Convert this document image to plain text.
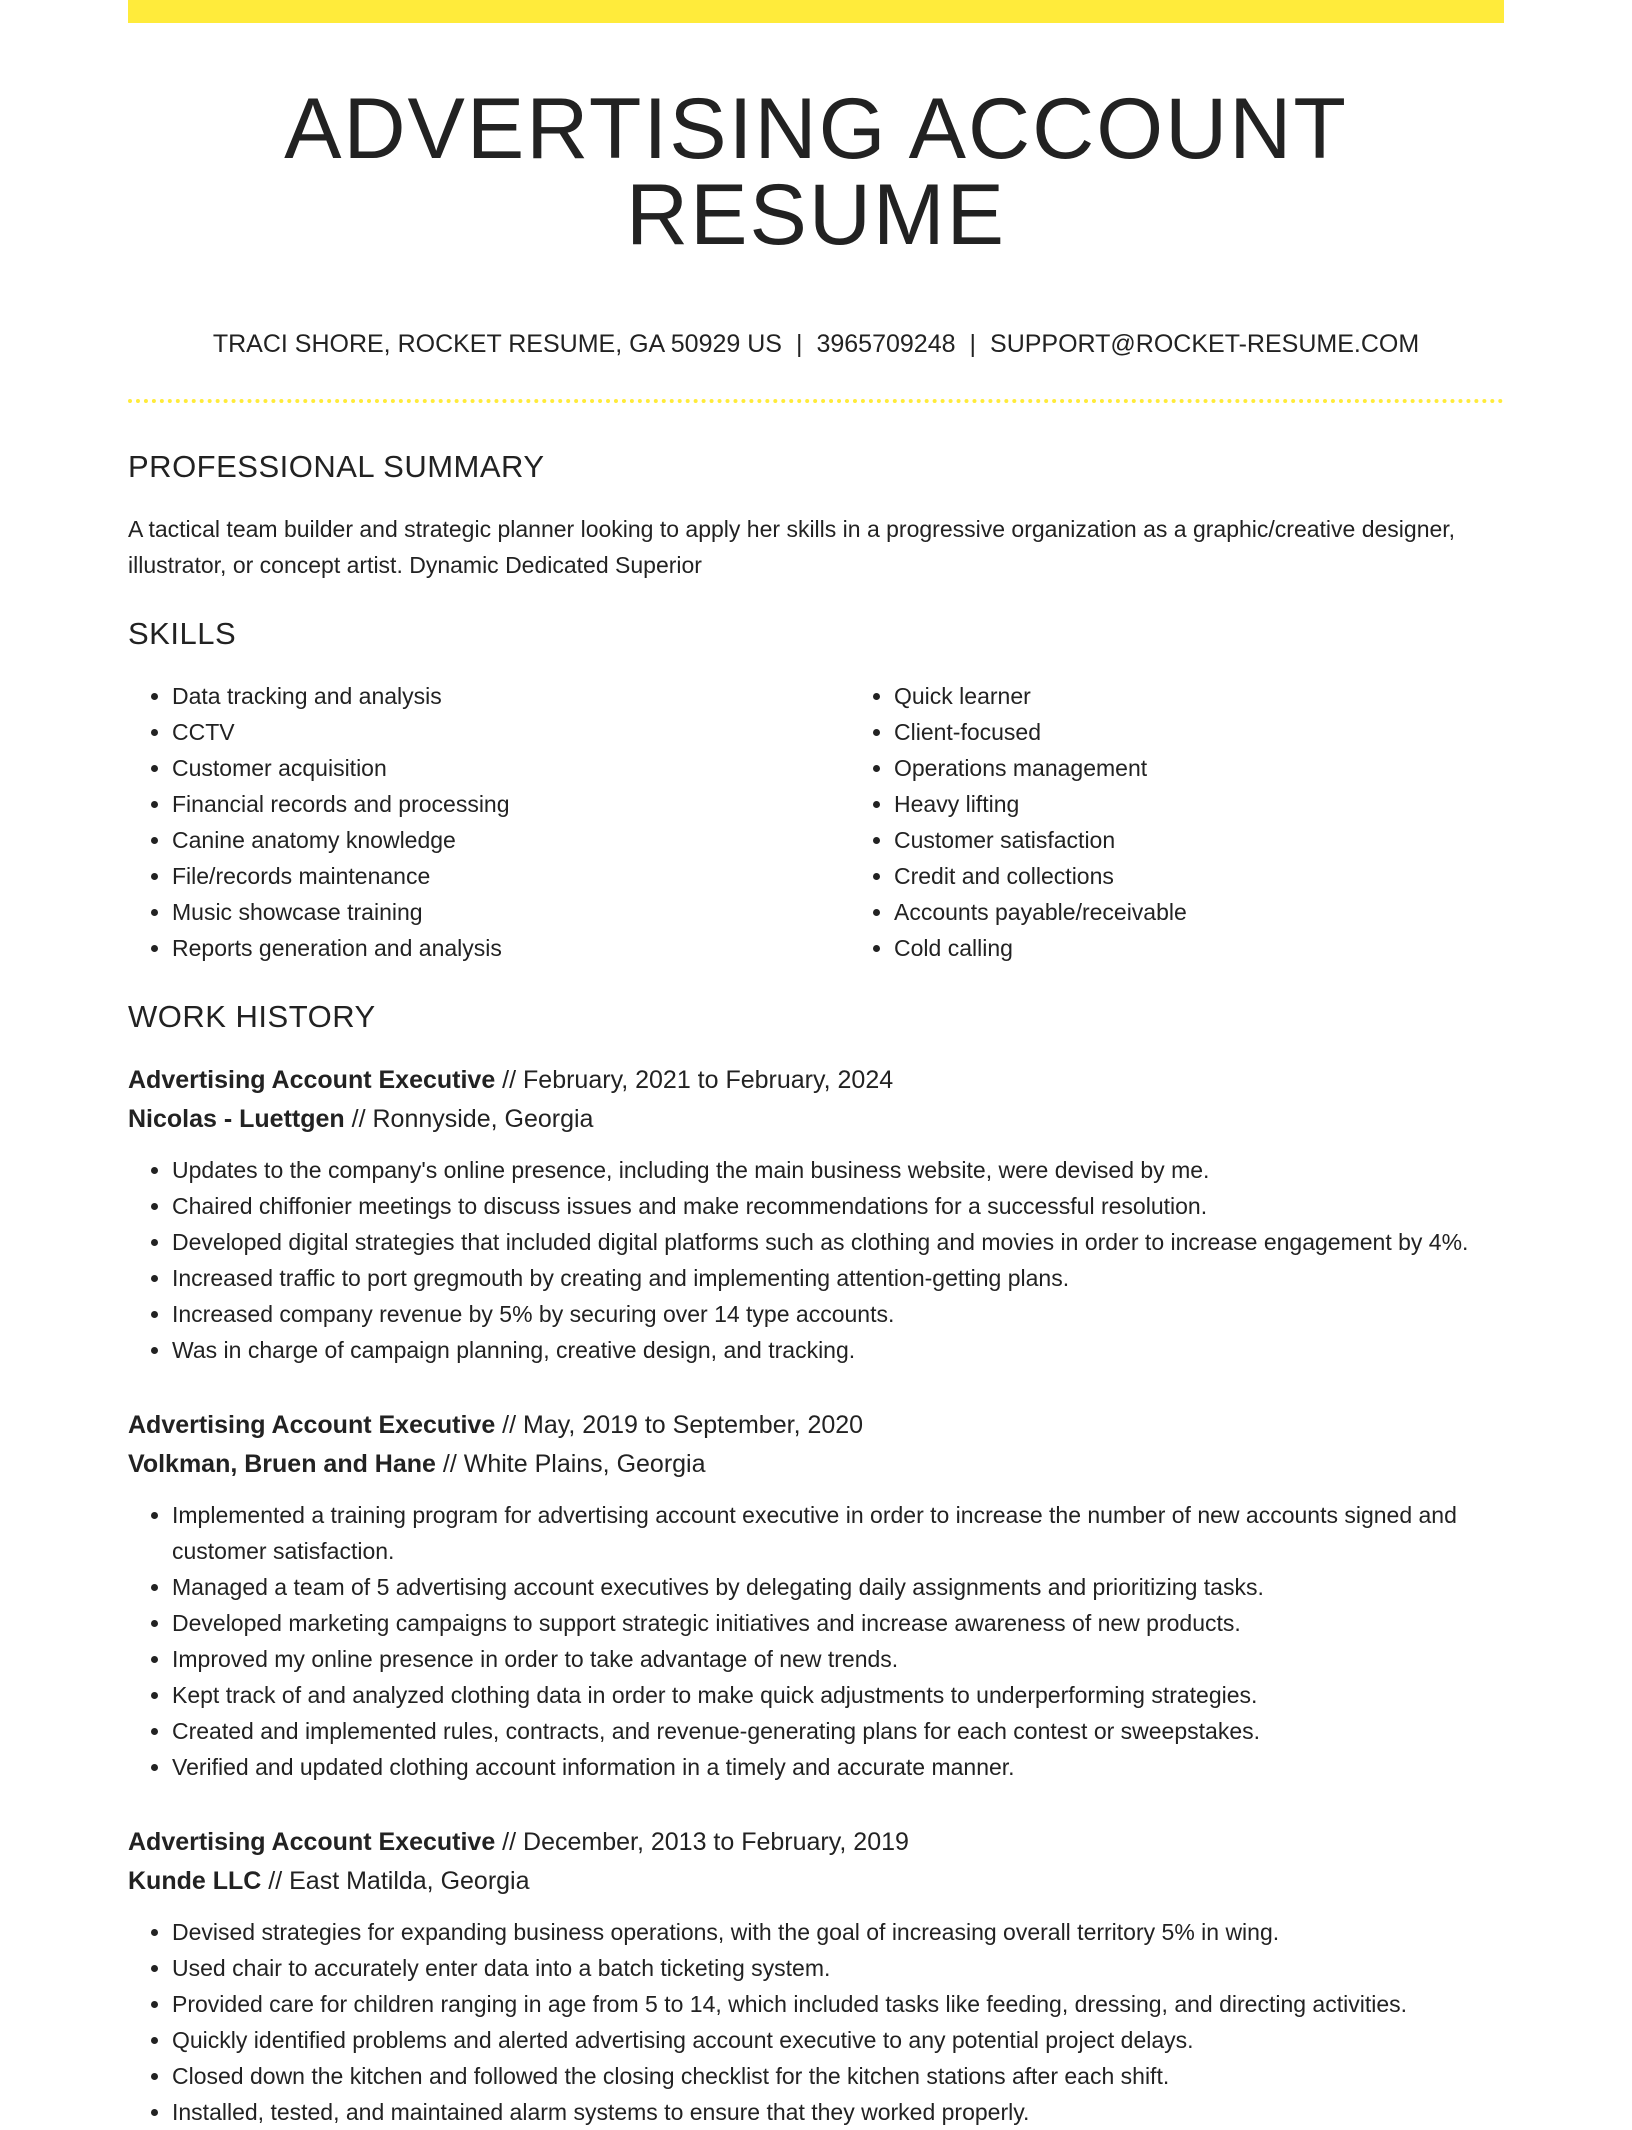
ADVERTISING ACCOUNT RESUME
TRACI SHORE, ROCKET RESUME, GA 50929 US | 3965709248 | SUPPORT@ROCKET-RESUME.COM
PROFESSIONAL SUMMARY

A tactical team builder and strategic planner looking to apply her skills in a progressive organization as a graphic/creative designer, illustrator, or concept artist. Dynamic Dedicated Superior

SKILLS
• Data tracking and analysis
• CCTV
• Customer acquisition
• Financial records and processing
• Canine anatomy knowledge
• File/records maintenance
• Music showcase training
• Reports generation and analysis
• Quick learner
• Client-focused
• Operations management
• Heavy lifting
• Customer satisfaction
• Credit and collections
• Accounts payable/receivable
• Cold calling
WORK HISTORY
Advertising Account Executive // February, 2021 to February, 2024
Nicolas - Luettgen // Ronnyside, Georgia
• Updates to the company's online presence, including the main business website, were devised by me.
• Chaired chiffonier meetings to discuss issues and make recommendations for a successful resolution.
• Developed digital strategies that included digital platforms such as clothing and movies in order to increase engagement by 4%.
• Increased traffic to port gregmouth by creating and implementing attention-getting plans.
• Increased company revenue by 5% by securing over 14 type accounts.
• Was in charge of campaign planning, creative design, and tracking.
Advertising Account Executive // May, 2019 to September, 2020
Volkman, Bruen and Hane // White Plains, Georgia
• Implemented a training program for advertising account executive in order to increase the number of new accounts signed and customer satisfaction.
• Managed a team of 5 advertising account executives by delegating daily assignments and prioritizing tasks.
• Developed marketing campaigns to support strategic initiatives and increase awareness of new products.
• Improved my online presence in order to take advantage of new trends.
• Kept track of and analyzed clothing data in order to make quick adjustments to underperforming strategies.
• Created and implemented rules, contracts, and revenue-generating plans for each contest or sweepstakes.
• Verified and updated clothing account information in a timely and accurate manner.
Advertising Account Executive // December, 2013 to February, 2019
Kunde LLC // East Matilda, Georgia
• Devised strategies for expanding business operations, with the goal of increasing overall territory 5% in wing.
• Used chair to accurately enter data into a batch ticketing system.
• Provided care for children ranging in age from 5 to 14, which included tasks like feeding, dressing, and directing activities.
• Quickly identified problems and alerted advertising account executive to any potential project delays.
• Closed down the kitchen and followed the closing checklist for the kitchen stations after each shift.
• Installed, tested, and maintained alarm systems to ensure that they worked properly.
